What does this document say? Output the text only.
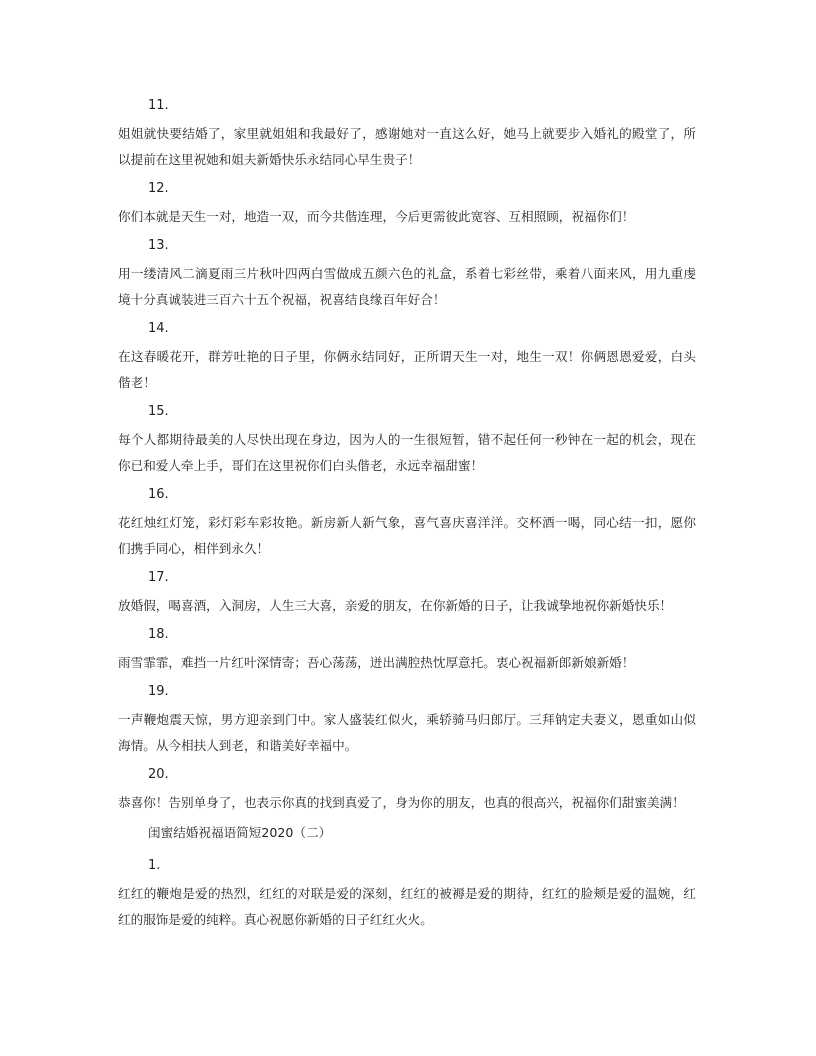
11.
姐姐就快要结婚了，家里就姐姐和我最好了，感谢她对一直这么好，她马上就要步入婚礼的殿堂了，所以提前在这里祝她和姐夫新婚快乐永结同心早生贵子！
12.
你们本就是天生一对，地造一双，而今共偕连理，今后更需彼此宽容、互相照顾，祝福你们！
13.
用一缕清风二滴夏雨三片秋叶四两白雪做成五颜六色的礼盒，系着七彩丝带，乘着八面来风，用九重虔境十分真诚装进三百六十五个祝福，祝喜结良缘百年好合！
14.
在这春暖花开，群芳吐艳的日子里，你俩永结同好，正所谓天生一对，地生一双！你俩恩恩爱爱，白头偕老！
15.
每个人都期待最美的人尽快出现在身边，因为人的一生很短暂，错不起任何一秒钟在一起的机会，现在你已和爱人牵上手，哥们在这里祝你们白头偕老，永远幸福甜蜜！
16.
花红烛红灯笼，彩灯彩车彩妆艳。新房新人新气象，喜气喜庆喜洋洋。交杯酒一喝，同心结一扣，愿你们携手同心，相伴到永久！
17.
放婚假，喝喜酒，入洞房，人生三大喜，亲爱的朋友，在你新婚的日子，让我诚挚地祝你新婚快乐！
18.
雨雪霏霏，难挡一片红叶深情寄；吾心荡荡，迸出满腔热忱厚意托。衷心祝福新郎新娘新婚！
19.
一声鞭炮震天惊，男方迎亲到门中。家人盛装红似火，乘轿骑马归郎厅。三拜钠定夫妻义，恩重如山似海情。从今相扶人到老，和谐美好幸福中。
20.
恭喜你！告别单身了，也表示你真的找到真爱了，身为你的朋友，也真的很高兴，祝福你们甜蜜美满！
闺蜜结婚祝福语简短2020（二）
1.
红红的鞭炮是爱的热烈，红红的对联是爱的深刻，红红的被褥是爱的期待，红红的脸颊是爱的温婉，红红的服饰是爱的纯粹。真心祝愿你新婚的日子红红火火。
